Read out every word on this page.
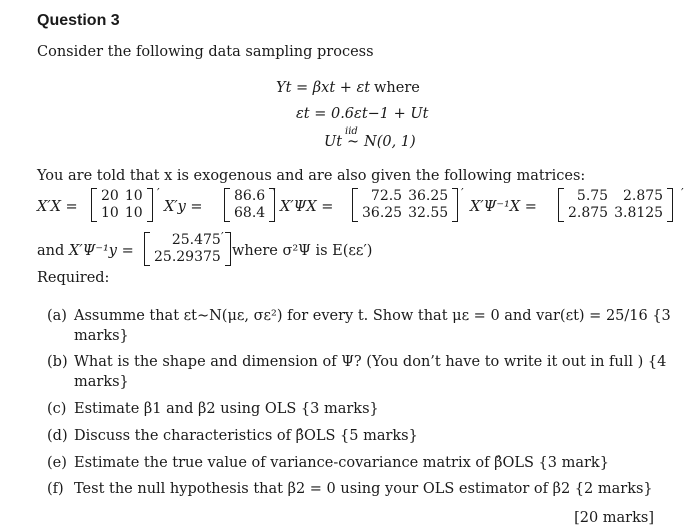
Question 3
Consider the following data sampling process
Yt = βxt + εt where
εt = 0.6εt−1 + Ut
Ut
iid
~ N(0, 1)
You are told that x is exogenous and are also given the following matrices:
X′X =
20	10
10	10
′
X′y =
86.6
68.4
′
X′ΨX =
72.5	36.25
36.25	32.55
′
X′Ψ⁻¹X =
5.75	2.875
2.875	3.8125
′
and X′Ψ⁻¹y =
25.475
25.29375
′
where σ²Ψ is E(εε′)
Required:
(a) Assumme that εt∼N(με, σε²) for every t. Show that με = 0 and var(εt) = 25/16 {3
marks}
(b) What is the shape and dimension of Ψ? (You don’t have to write it out in full ) {4
marks}
(c) Estimate β1 and β2 using OLS {3 marks}
(d) Discuss the characteristics of β̂OLS {5 marks}
(e) Estimate the true value of variance-covariance matrix of β̂OLS {3 mark}
(f) Test the null hypothesis that β2 = 0 using your OLS estimator of β2 {2 marks}
[20 marks]
